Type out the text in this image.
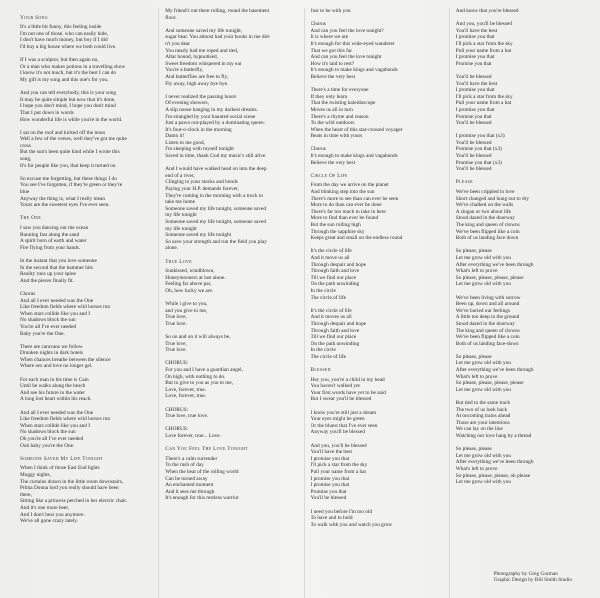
Your Song
It's a little bit funny, this feeling inside
I'm not one of those, who can easily hide,
I don't have much money, but boy if I did
I'd buy a big house where we both could live.
If I was a sculptor, but then again no,
Or a man who makes potions in a travelling show
I know it's not much, but it's the best I can do
My gift is my song and this one's for you.
And you can tell everybody, this is your song
It may be quite simple but now that it's done,
I hope you don't mind, I hope you don't mind
That I put down in words
How wonderful life is while you're in the world.
I sat on the roof and kicked off the moss
Well a few of the verses, well they've got me quite
cross
But the sun's been quite kind while I wrote this
song,
It's for people like you, that keep it turned on.
So excuse me forgetting, but these things I do
You see I've forgotten, if they're green or they're
blue
Anyway the thing is, what I really mean
Yours are the sweetest eyes I've ever seen.
The One
I saw you dancing out the ocean
Running fast along the sand
A spirit born of earth and water
Fire flying from your hands.
In the instant that you love someone
In the second that the hammer hits
Reality runs up your spine
And the pieces finally fit.
Chorus
And all I ever needed was the One
Like freedom fields where wild horses run
When stars collide like you and I
No shadows block the sun
You're all I've ever needed
Baby you're the One.
There are caravans we follow
Drunken nights in dark hotels
When chances breathe between the silence
Where sex and love no longer gel.
For each man in his time is Cain
Until he walks along the beach
And see his future in the water
A long lost heart within his reach.
And all I ever needed was the One
Like freedom fields where wild horses run
When stars collide like you and I
No shadows block the sun
Oh you're all I've ever needed
Ooh baby you're the One.
Someone Saved My Life Tonight
When I think of those East End lights
Muggy nights,
The curtains drawn in the little room downstairs,
Prima Donna lord you really should have been
there,
Sitting like a princess perched in her electric chair.
And it's one more beer,
And I don't hear you anymore.
We've all gone crazy lately.
My friend's out there rolling, round the basement
floor.
And someone saved my life tonight,
sugar bear. You almost had your hooks in me did-
n't you dear
You nearly had me roped and tied,
Altar bound, hypnotised,
Sweet freedom whispered in my ear
You're a butterfly,
And butterflies are free to fly,
Fly away, high away bye bye.
I never realized the passing hours
Of evening showers,
A slip noose hanging in my darkest dreams.
I'm strangled by your haunted social scene
Just a pawn out-played by a dominating queen.
It's four-o-clock in the morning
Damn it!
Listen to me good,
I'm sleeping with myself tonight
Saved in time, thank God my music's still alive.
And I would have walked head on into the deep
end of a river,
Clinging to your stocks and bonds
Paying your H.P. demands forever,
They're coming in the morning with a truck to
take me home
Someone saved my life tonight, someone saved
my life tonight
Someone saved my life tonight, someone saved
my life tonight
Someone saved my life tonight
So save your strength and run the field you play
alone.
True Love
Sunkissed, windblown,
Honeymooners at last alone.
Feeling far above par,
Oh, how lucky we are.
While i give to you,
and you give to me,
True love,
True love.
So on and on it will always be,
True love,
True love.
CHORUS:
For you and I have a guardian angel,
On high, with nothing to do.
But to give to you as you to me,
Love, forever, true.
Love, forever, true.
CHORUS:
True love, true love.
CHORUS:
Love forever, true... Love.
Can You Feel The Love Tonight
There's a calm surrender
To the rush of day
When the heat of the rolling world
Can be turned away
An enchanted moment
And it sees me through
It's enough for this restless warrior
Just to be with you
Chorus
And can you feel the love tonight?
It is where we are
It's enough for this wide-eyed wanderer
That we got this far
And can you feel the love tonight
How it's laid to rest?
It's enough to make kings and vagabonds
Believe the very best
There's a time for everyone
If they only learn
That the twisting kaleidoscope
Moves us all in turn
There's a rhyme and reason
To the wild outdoors
When the heart of this star-crossed voyager
Beats in time with yours
Chorus
It's enough to make kings and vagabonds
Believe the very best
Circle Of Life
From the day we arrive on the planet
And blinking step into the sun
There's more to see than can ever be seen
More to do than can ever be done
There's far too much to take in here
More to find than ever be found
But the sun rolling high
Through the sapphire sky
Keeps great and small on the endless round
It's the circle of life
And it move us all
Through despair and hope
Through faith and love
Till we find our place
On the path unwinding
In the circle
The circle of life
It's the circle of life
And it moves us all
Through despair and hope
Through faith and love
Till we find our place
On the path unwinding
In the circle
The circle of life
Blessed
Hey you, you're a child in my head
You haven't walked yet
Your first words have yet to be said
But I swear you'll be blessed
I know you're still just a dream
Your eyes might be green
Or the bluest that I've ever seen
Anyway you'll be blessed
And you, you'll be blessed
You'll have the best
I promise you that
I'll pick a star from the sky
Pull your name from a hat
I promise you that
I promise you that
Promise you that
You'll be blessed
I need you before I'm too old
To have and to hold
To walk with you and watch you grow
And know that you're blessed
And you, you'll be blessed
You'll have the best
I promise you that
I'll pick a star from the sky
Pull your name from a hat
I promise you that
Promise you that
You'll be blessed
You'll have the best
I promise you that
I'll pick a star from the sky
Pull your name from a hat
I promise you that
Promise you that
You'll be blessed
I promise you that (x3)
You'll be blessed
Promise you that (x3)
You'll be blessed
Promise you that (x3)
You'll be blessed
Please
We've been crippled in love
Short changed and hung out to dry
We've chalked on the walls
A slogan or two about life
Stood dazed in the doorway
The king and queen of clowns
We've been flipped like a coin
Both of us landing face down
So please, please
Let me grow old with you
After everything we've been through
What's left to prove
So please, please, please, please
Let me grow old with you
We've been living with sorrow
Been up, down and all around
We've buried our feelings
A little too deep in the ground
Stood dazed in the doorway
The king and queen of clowns
We've been flipped like a coin
Both of us landing face-down
So please, please
Let me grow old with you
After everything we've been through
What's left to prove
So please, please, please, please
Let me grow old with you
But tied to the same track
The two of us look back
At oncoming trains ahead
Those are your intentions
We can lay on the line
Watching our love hang by a thread
So please, please
Let me grow old with you
After everything we've been through
What's left to prove
So please, please, please, oh please
Let me grow old with you
Photography by Greg Gorman
Graphic Design by Bill Smith Studio
